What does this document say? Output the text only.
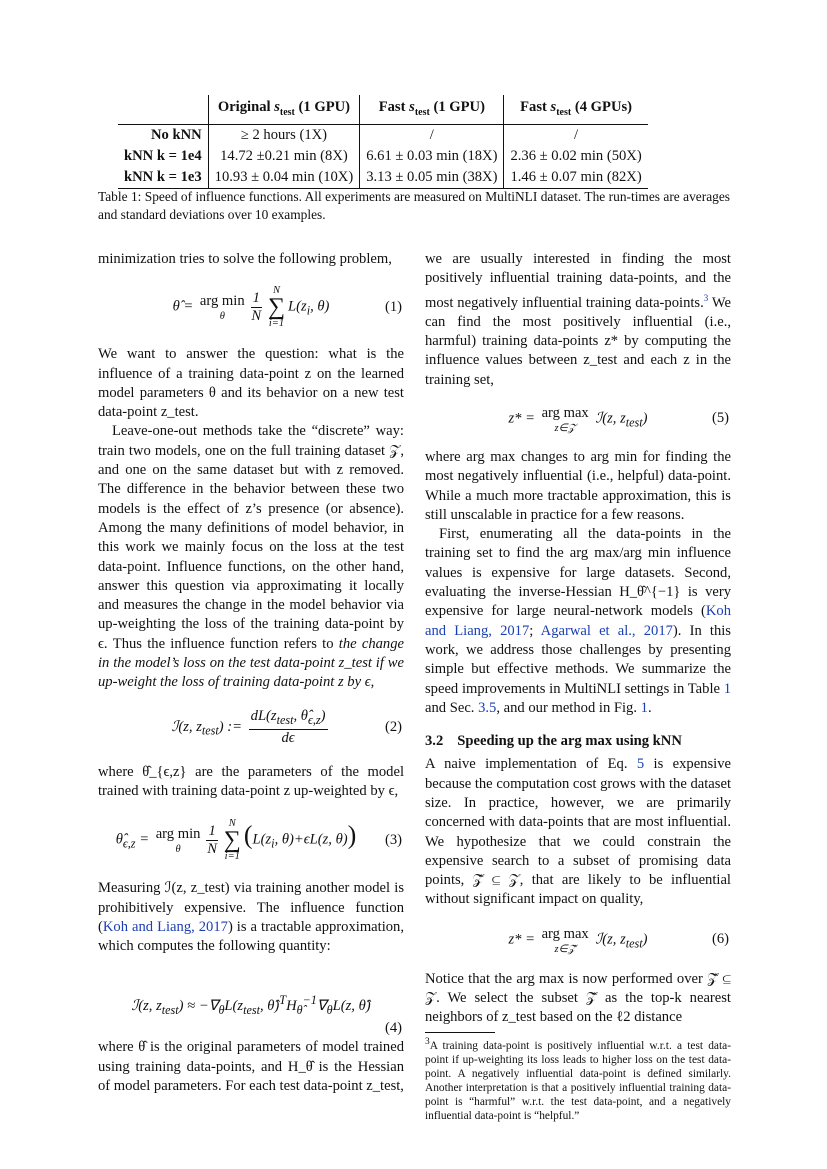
	Original $s_{test}$ (1 GPU)	Fast $s_{test}$ (1 GPU)	Fast $s_{test}$ (4 GPUs)
No kNN	≥ 2 hours (1X)	/	/
kNN k = 1e4	14.72 ±0.21 min (8X)	6.61 ± 0.03 min (18X)	2.36 ± 0.02 min (50X)
kNN k = 1e3	10.93 ± 0.04 min (10X)	3.13 ± 0.05 min (38X)	1.46 ± 0.07 min (82X)
Table 1: Speed of influence functions. All experiments are measured on MultiNLI dataset. The run-times are averages and standard deviations over 10 examples.

minimization tries to solve the following problem,

θ̂ = arg min
θ $\frac{1}{N}$ N
∑
i=1
$L(z_i$, θ)	(1)

We want to answer the question: what is the influence of a training data-point z on the learned model parameters θ and its behavior on a new test data-point z_test.

Leave-one-out methods take the “discrete” way: train two models, one on the full training dataset 𝒵, and one on the same dataset but with z removed. The difference in the behavior between these two models is the effect of z’s presence (or absence). Among the many definitions of model behavior, in this work we mainly focus on the loss at the test data-point. Influence functions, on the other hand, answer this question via approximating it locally and measures the change in the model behavior via up-weighting the loss of the training data-point by ϵ. Thus the influence function refers to the change in the model’s loss on the test data-point z_test if we up-weight the loss of training data-point z by ϵ,

ℐ(z, $z_{test}$) := $\frac{dL(z_{test}, \thetâ_{\epsilon,z})}{d\epsilon}$	(2)

where θ̂_{ϵ,z} are the parameters of the model trained with training data-point z up-weighted by ϵ,

$\thetâ_{\epsilon,z}$ = arg min
θ $\frac{1}{N}$ N
∑
i=1
($L(z_i$, θ)+ϵL(z, θ)) (3)

Measuring ℐ(z, z_test) via training another model is prohibitively expensive. The influence function (Koh and Liang, 2017) is a tractable approximation, which computes the following quantity:

ℐ(z, $z_{test}) \approx -\nabla_\theta L(z_{test}$, $\thetâ)^TH_{\thetâ}^{-1}\nabla_\theta L(z$, θ̂)
(4)

where θ̂ is the original parameters of model trained using training data-points, and H_θ̂ is the Hessian of model parameters. For each test data-point z_test,

we are usually interested in finding the most positively influential training data-points, and the most negatively influential training data-points.$^3$ We can find the most positively influential (i.e., harmful) training data-points z* by computing the influence values between z_test and each z in the training set,

z* = arg max
z∈𝒵
ℐ(z, $z_{test}$)	(5)

where arg max changes to arg min for finding the most negatively influential (i.e., helpful) data-point. While a much more tractable approximation, this is still unscalable in practice for a few reasons.

First, enumerating all the data-points in the training set to find the arg max/arg min influence values is expensive for large datasets. Second, evaluating the inverse-Hessian H_θ̂^{−1} is very expensive for large neural-network models (Koh and Liang, 2017; Agarwal et al., 2017). In this work, we address those challenges by presenting simple but effective methods. We summarize the speed improvements in MultiNLI settings in Table 1 and Sec. 3.5, and our method in Fig. 1.

3.2 Speeding up the arg max using kNN

A naive implementation of Eq. 5 is expensive because the computation cost grows with the dataset size. In practice, however, we are primarily concerned with data-points that are most influential. We hypothesize that we could constrain the expensive search to a subset of promising data points, 𝒵̂ ⊆ 𝒵, that are likely to be influential without significant impact on quality,

z* = arg max
z∈𝒵̂
ℐ(z, $z_{test}$)	(6)

Notice that the arg max is now performed over 𝒵̂ ⊆ 𝒵. We select the subset 𝒵̂ as the top-k nearest neighbors of z_test based on the ℓ2 distance

$^3$A training data-point is positively influential w.r.t. a test data-point if up-weighting its loss leads to higher loss on the test data-point. A negatively influential data-point is defined similarly. Another interpretation is that a positively influential training data-point is “harmful” w.r.t. the test data-point, and a negatively influential data-point is “helpful.”
